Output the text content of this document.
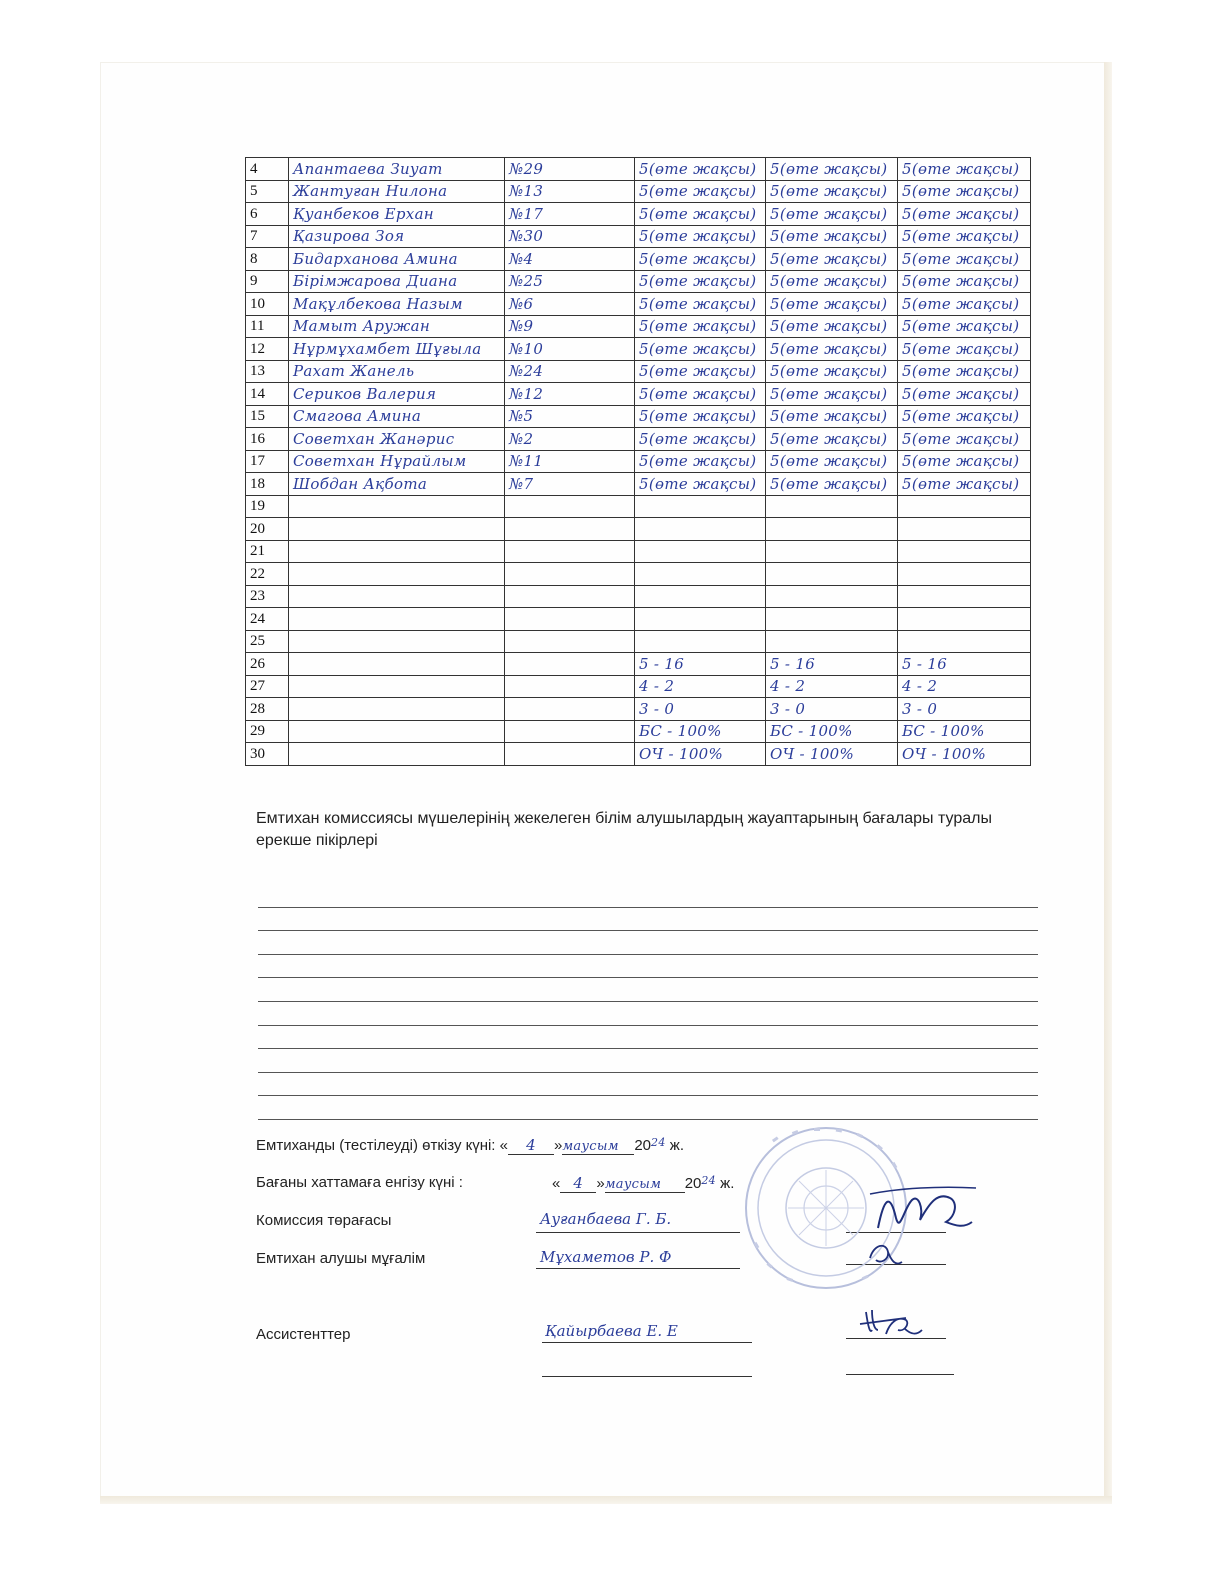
4	Апантаева Зиуат	№29	5(өте жақсы)	5(өте жақсы)	5(өте жақсы)
5	Жантуған Нилона	№13	5(өте жақсы)	5(өте жақсы)	5(өте жақсы)
6	Қуанбеков Ерхан	№17	5(өте жақсы)	5(өте жақсы)	5(өте жақсы)
7	Қазирова Зоя	№30	5(өте жақсы)	5(өте жақсы)	5(өте жақсы)
8	Бидарханова Амина	№4	5(өте жақсы)	5(өте жақсы)	5(өте жақсы)
9	Бірімжарова Диана	№25	5(өте жақсы)	5(өте жақсы)	5(өте жақсы)
10	Мақұлбекова Назым	№6	5(өте жақсы)	5(өте жақсы)	5(өте жақсы)
11	Мамыт Аружан	№9	5(өте жақсы)	5(өте жақсы)	5(өте жақсы)
12	Нұрмұхамбет Шұғыла	№10	5(өте жақсы)	5(өте жақсы)	5(өте жақсы)
13	Рахат Жанель	№24	5(өте жақсы)	5(өте жақсы)	5(өте жақсы)
14	Сериков Валерия	№12	5(өте жақсы)	5(өте жақсы)	5(өте жақсы)
15	Смагова Амина	№5	5(өте жақсы)	5(өте жақсы)	5(өте жақсы)
16	Советхан Жанәрис	№2	5(өте жақсы)	5(өте жақсы)	5(өте жақсы)
17	Советхан Нұрайлым	№11	5(өте жақсы)	5(өте жақсы)	5(өте жақсы)
18	Шобдан Ақбота	№7	5(өте жақсы)	5(өте жақсы)	5(өте жақсы)
19					
20					
21					
22					
23					
24					
25					
26			5 - 16	5 - 16	5 - 16
27			4 - 2	4 - 2	4 - 2
28			3 - 0	3 - 0	3 - 0
29			БС - 100%	БС - 100%	БС - 100%
30			ОЧ - 100%	ОЧ - 100%	ОЧ - 100%
Емтихан комиссиясы мүшелерінің жекелеген білім алушылардың жауаптарының бағалары туралы ерекше пікірлері
Емтиханды (тестілеуді) өткізу күні: « 4 »маусым $20^{24}$ ж.
Бағаны хаттамаға енгізу күні :	« 4 »маусым $20^{24}$ ж.
Комиссия төрағасы	Ауғанбаева Г. Б.
Емтихан алушы мұғалім	Мұхаметов Р. Ф
Ассистенттер	Қайырбаева Е. Е
